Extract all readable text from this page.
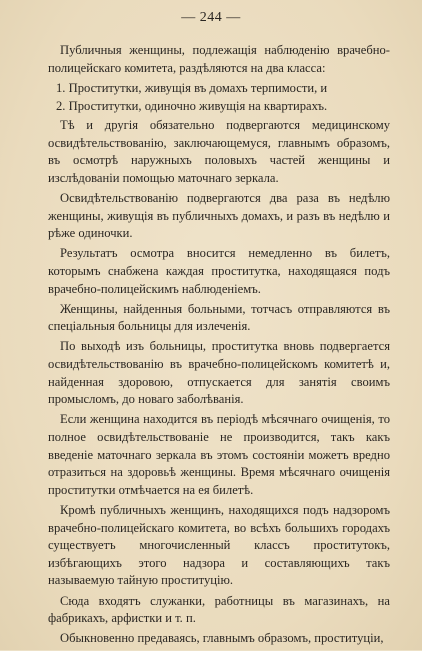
— 244 —

Публичныя женщины, подлежащія наблюденію врачебно-полицейскаго комитета, раздѣляются на два класса:

1. Проститутки, живущія въ домахъ терпимости, и

2. Проститутки, одиночно живущія на квартирахъ.

Тѣ и другія обязательно подвергаются медицинскому освидѣтельствованію, заключающемуся, главнымъ образомъ, въ осмотрѣ наружныхъ половыхъ частей женщины и изслѣдованіи помощью маточнаго зеркала.

Освидѣтельствованію подвергаются два раза въ недѣлю женщины, живущія въ публичныхъ домахъ, и разъ въ недѣлю и рѣже одиночки.

Результатъ осмотра вносится немедленно въ билетъ, которымъ снабжена каждая проститутка, находящаяся подъ врачебно-полицейскимъ наблюденіемъ.

Женщины, найденныя больными, тотчасъ отправляются въ спеціальныя больницы для излеченія.

По выходѣ изъ больницы, проститутка вновь подвергается освидѣтельствованію въ врачебно-полицейскомъ комитетѣ и, найденная здоровою, отпускается для занятія своимъ промысломъ, до новаго заболѣванія.

Если женщина находится въ періодѣ мѣсячнаго очищенія, то полное освидѣтельствованіе не производится, такъ какъ введеніе маточнаго зеркала въ этомъ состояніи можетъ вредно отразиться на здоровьѣ женщины. Время мѣсячнаго очищенія проститутки отмѣчается на ея билетѣ.

Кромѣ публичныхъ женщинъ, находящихся подъ надзоромъ врачебно-полицейскаго комитета, во всѣхъ большихъ городахъ существуетъ многочисленный классъ проститутокъ, избѣгающихъ этого надзора и составляющихъ такъ называемую тайную проституцію.

Сюда входятъ служанки, работницы въ магазинахъ, на фабрикахъ, арфистки и т. п.

Обыкновенно предаваясь, главнымъ образомъ, проституціи,
